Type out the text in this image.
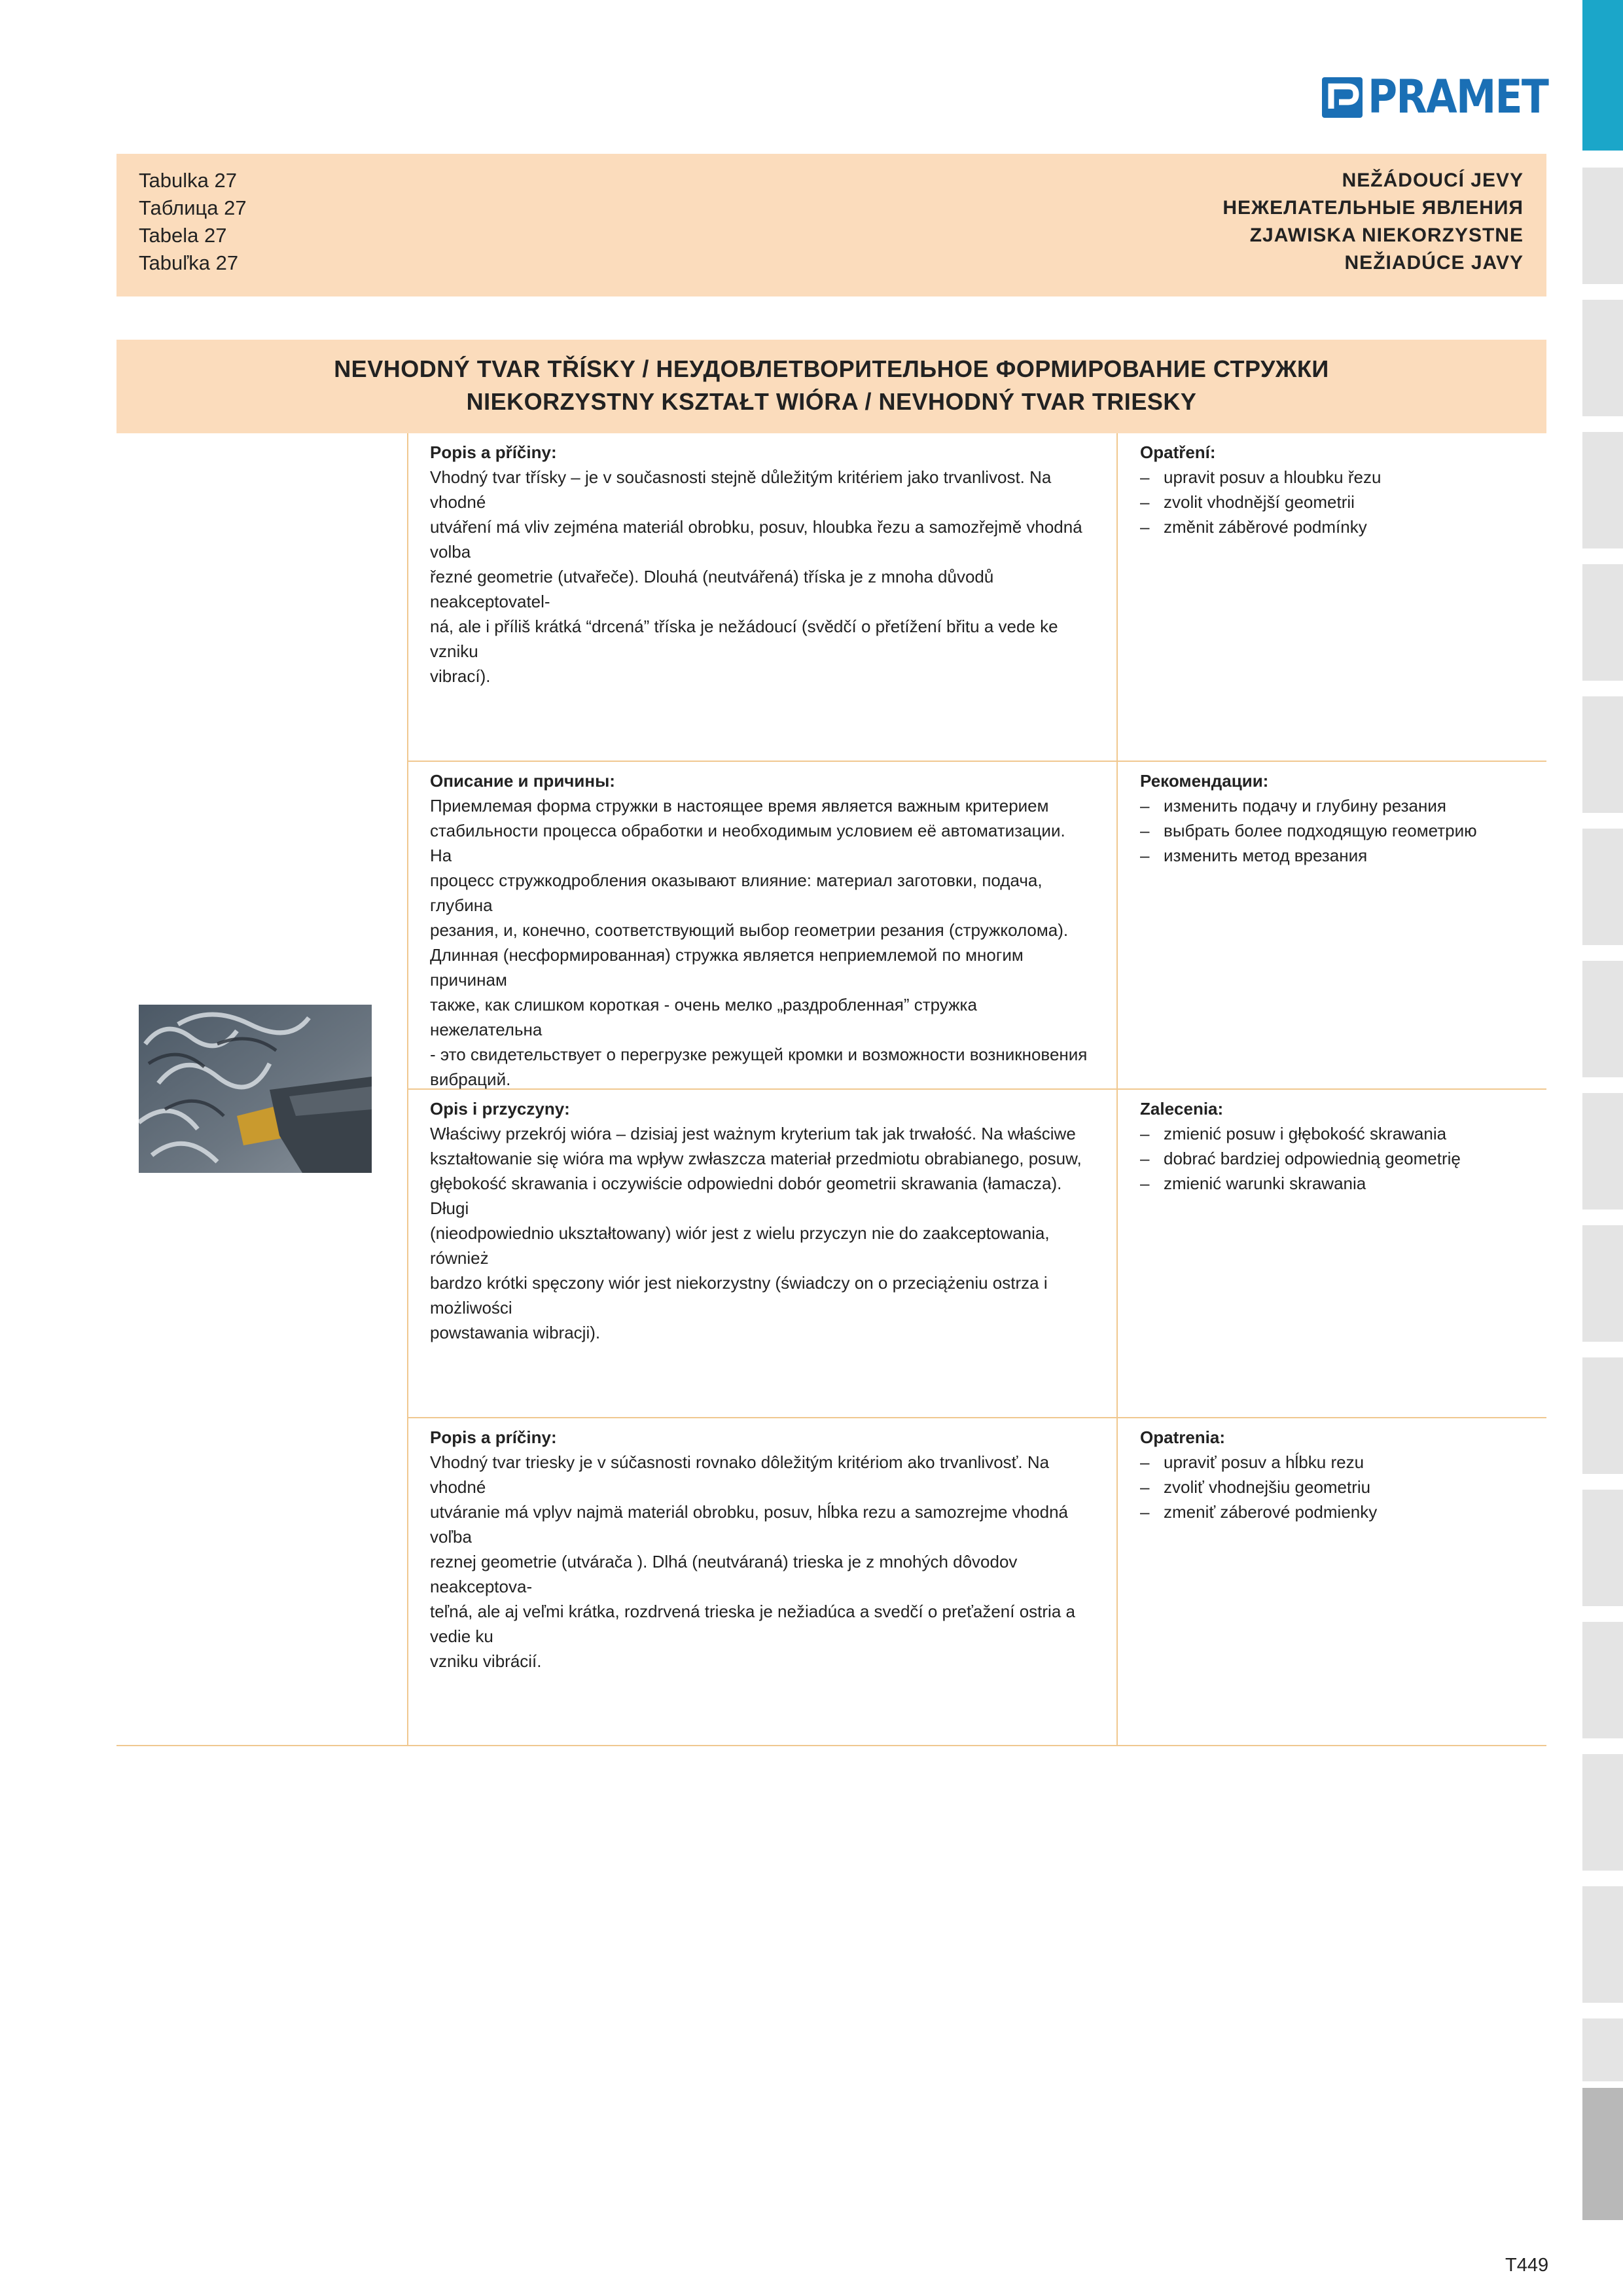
PRAMET
Tabulka 27
Таблица 27
Tabela 27
Tabuľka 27
NEŽÁDOUCÍ JEVY
НЕЖЕЛАТЕЛЬНЫЕ ЯВЛЕНИЯ
ZJAWISKA NIEKORZYSTNE
NEŽIADÚCE JAVY
NEVHODNÝ TVAR TŘÍSKY / НЕУДОВЛЕТВОРИТЕЛЬНОЕ ФОРМИРОВАНИЕ СТРУЖКИ
NIEKORZYSTNY KSZTAŁT WIÓRA / NEVHODNÝ TVAR TRIESKY
Popis a příčiny:
Vhodný tvar třísky – je v současnosti stejně důležitým kritériem jako trvanlivost. Na vhodné
utváření má vliv zejména materiál obrobku, posuv, hloubka řezu a samozřejmě vhodná volba
řezné geometrie (utvařeče). Dlouhá (neutvářená) tříska je z mnoha důvodů neakceptovatel-
ná, ale i příliš krátká “drcená” tříska je nežádoucí (svědčí o přetížení břitu a vede ke vzniku
vibrací).
Opatření:
– upravit posuv a hloubku řezu
– zvolit vhodnější geometrii
– změnit záběrové podmínky
Описание и причины:
Приемлемая форма стружки в настоящее время является важным критерием
стабильности процесса обработки и необходимым условием её автоматизации. На
процесс стружкодробления оказывают влияние: материал заготовки, подача, глубина
резания, и, конечно, соответствующий выбор геометрии резания (стружколома).
Длинная (несформированная) стружка является неприемлемой по многим причинам
также, как слишком короткая - очень мелко „раздробленная” стружка нежелательна
- это свидетельствует о перегрузке режущей кромки и возможности возникновения
вибраций.
Рекомендации:
– изменить подачу и глубину резания
– выбрать более подходящую геометрию
– изменить метод врезания
Opis i przyczyny:
Właściwy przekrój wióra – dzisiaj jest ważnym kryterium tak jak trwałość. Na właściwe
kształtowanie się wióra ma wpływ zwłaszcza materiał przedmiotu obrabianego, posuw,
głębokość skrawania i oczywiście odpowiedni dobór geometrii skrawania (łamacza). Długi
(nieodpowiednio ukształtowany) wiór jest z wielu przyczyn nie do zaakceptowania, również
bardzo krótki spęczony wiór jest niekorzystny (świadczy on o przeciążeniu ostrza i możliwości
powstawania wibracji).
Zalecenia:
– zmienić posuw i głębokość skrawania
– dobrać bardziej odpowiednią geometrię
– zmienić warunki skrawania
Popis a príčiny:
Vhodný tvar triesky je v súčasnosti rovnako dôležitým kritériom ako trvanlivosť. Na vhodné
utváranie má vplyv najmä materiál obrobku, posuv, hĺbka rezu a samozrejme vhodná voľba
reznej geometrie (utvárača ). Dlhá (neutváraná) trieska je z mnohých dôvodov neakceptova-
teľná, ale aj veľmi krátka, rozdrvená trieska je nežiadúca a svedčí o preťažení ostria a vedie ku
vzniku vibrácií.
Opatrenia:
– upraviť posuv a hĺbku rezu
– zvoliť vhodnejšiu geometriu
– zmeniť záberové podmienky
T449
